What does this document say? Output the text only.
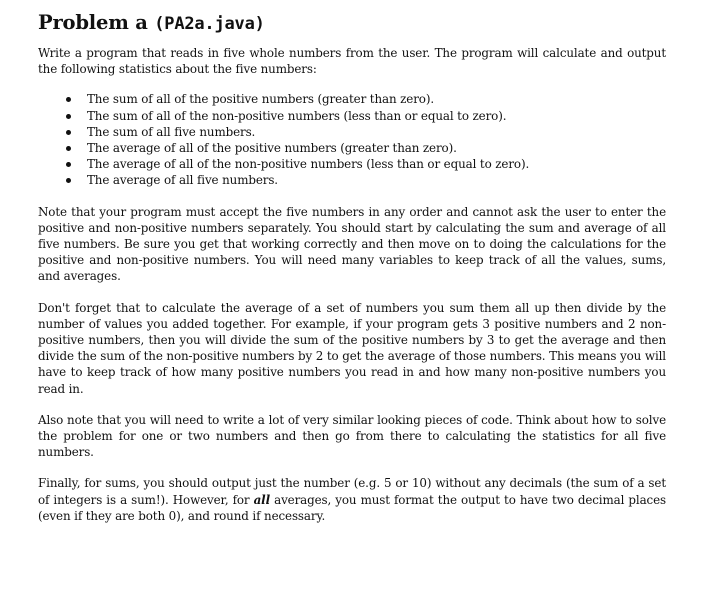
Problem a (PA2a.java)

Write a program that reads in five whole numbers from the user. The program will calculate and output the following statistics about the five numbers:

The sum of all of the positive numbers (greater than zero).
The sum of all of the non-positive numbers (less than or equal to zero).
The sum of all five numbers.
The average of all of the positive numbers (greater than zero).
The average of all of the non-positive numbers (less than or equal to zero).
The average of all five numbers.

Note that your program must accept the five numbers in any order and cannot ask the user to enter the positive and non-positive numbers separately. You should start by calculating the sum and average of all five numbers. Be sure you get that working correctly and then move on to doing the calculations for the positive and non-positive numbers. You will need many variables to keep track of all the values, sums, and averages.

Don't forget that to calculate the average of a set of numbers you sum them all up then divide by the number of values you added together. For example, if your program gets 3 positive numbers and 2 non-positive numbers, then you will divide the sum of the positive numbers by 3 to get the average and then divide the sum of the non-positive numbers by 2 to get the average of those numbers. This means you will have to keep track of how many positive numbers you read in and how many non-positive numbers you read in.

Also note that you will need to write a lot of very similar looking pieces of code. Think about how to solve the problem for one or two numbers and then go from there to calculating the statistics for all five numbers.

Finally, for sums, you should output just the number (e.g. 5 or 10) without any decimals (the sum of a set of integers is a sum!). However, for all averages, you must format the output to have two decimal places (even if they are both 0), and round if necessary.
